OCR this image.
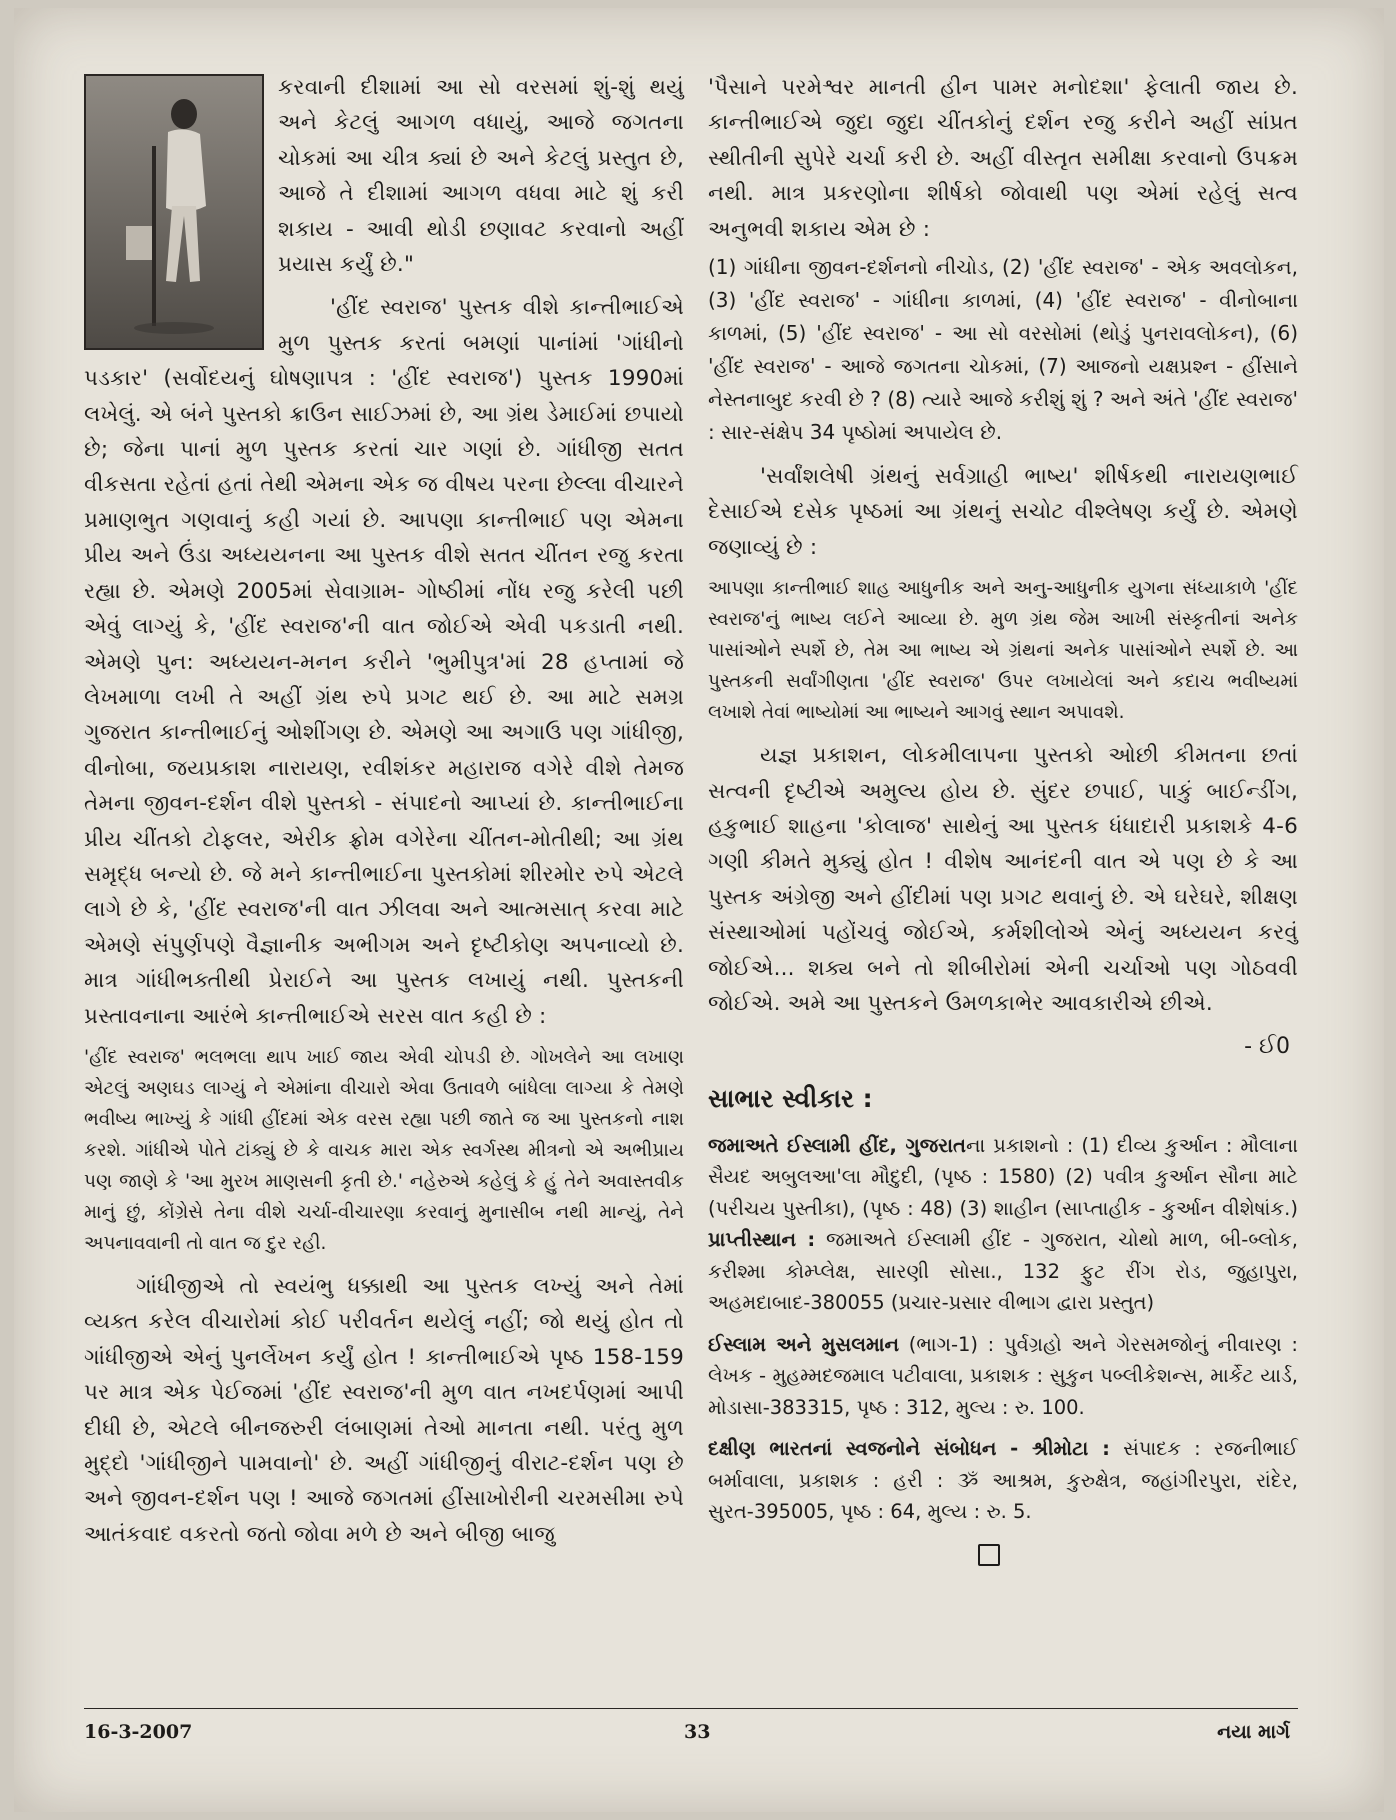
કરવાની દીશામાં આ સો વરસમાં શું-શું થયું અને કેટલું આગળ વધાયું, આજે જગતના ચોકમાં આ ચીત્ર ક્યાં છે અને કેટલું પ્રસ્તુત છે, આજે તે દીશામાં આગળ વધવા માટે શું કરી શકાય - આવી થોડી છણાવટ કરવાનો અહીં પ્રયાસ કર્યું છે."

'હીંદ સ્વરાજ' પુસ્તક વીશે કાન્તીભાઈએ મુળ પુસ્તક કરતાં બમણાં પાનાંમાં 'ગાંધીનો પડકાર' (સર્વોદયનું ઘોષણાપત્ર : 'હીંદ સ્વરાજ') પુસ્તક 1990માં લખેલું. એ બંને પુસ્તકો ક્રાઉન સાઈઝમાં છે, આ ગ્રંથ ડેમાઈમાં છપાયો છે; જેના પાનાં મુળ પુસ્તક કરતાં ચાર ગણાં છે. ગાંધીજી સતત વીકસતા રહેતાં હતાં તેથી એમના એક જ વીષય પરના છેલ્લા વીચારને પ્રમાણભુત ગણવાનું કહી ગયાં છે. આપણા કાન્તીભાઈ પણ એમના પ્રીય અને ઉંડા અધ્યયનના આ પુસ્તક વીશે સતત ચીંતન રજુ કરતા રહ્યા છે. એમણે 2005માં સેવાગ્રામ- ગોષ્ઠીમાં નોંધ રજુ કરેલી પછી એવું લાગ્યું કે, 'હીંદ સ્વરાજ'ની વાત જોઈએ એવી પકડાતી નથી. એમણે પુન: અધ્યયન-મનન કરીને 'ભુમીપુત્ર'માં 28 હપ્તામાં જે લેખમાળા લખી તે અહીં ગ્રંથ રુપે પ્રગટ થઈ છે. આ માટે સમગ્ર ગુજરાત કાન્તીભાઈનું ઓશીંગણ છે. એમણે આ અગાઉ પણ ગાંધીજી, વીનોબા, જયપ્રકાશ નારાયણ, રવીશંકર મહારાજ વગેરે વીશે તેમજ તેમના જીવન-દર્શન વીશે પુસ્તકો - સંપાદનો આપ્યાં છે. કાન્તીભાઈના પ્રીય ચીંતકો ટોફલર, એરીક ફ્રોમ વગેરેના ચીંતન-મોતીથી; આ ગ્રંથ સમૃદ્ધ બન્યો છે. જે મને કાન્તીભાઈના પુસ્તકોમાં શીરમોર રુપે એટલે લાગે છે કે, 'હીંદ સ્વરાજ'ની વાત ઝીલવા અને આત્મસાત્ કરવા માટે એમણે સંપુર્ણપણે વૈજ્ઞાનીક અભીગમ અને દૃષ્ટીકોણ અપનાવ્યો છે. માત્ર ગાંધીભક્તીથી પ્રેરાઈને આ પુસ્તક લખાયું નથી. પુસ્તકની પ્રસ્તાવનાના આરંભે કાન્તીભાઈએ સરસ વાત કહી છે :

'હીંદ સ્વરાજ' ભલભલા થાપ ખાઈ જાય એવી ચોપડી છે. ગોખલેને આ લખાણ એટલું અણઘડ લાગ્યું ને એમાંના વીચારો એવા ઉતાવળે બાંધેલા લાગ્યા કે તેમણે ભવીષ્ય ભાખ્યું કે ગાંધી હીંદમાં એક વરસ રહ્યા પછી જાતે જ આ પુસ્તકનો નાશ કરશે. ગાંધીએ પોતે ટાંક્યું છે કે વાચક મારા એક સ્વર્ગસ્થ મીત્રનો એ અભીપ્રાય પણ જાણે કે 'આ મુરખ માણસની કૃતી છે.' નહેરુએ કહેલું કે હું તેને અવાસ્તવીક માનું છું, કોંગ્રેસે તેના વીશે ચર્ચા-વીચારણા કરવાનું મુનાસીબ નથી માન્યું, તેને અપનાવવાની તો વાત જ દુર રહી.

ગાંધીજીએ તો સ્વયંભુ ધક્કાથી આ પુસ્તક લખ્યું અને તેમાં વ્યક્ત કરેલ વીચારોમાં કોઈ પરીવર્તન થયેલું નહીં; જો થયું હોત તો ગાંધીજીએ એનું પુનર્લેખન કર્યું હોત ! કાન્તીભાઈએ પૃષ્ઠ 158-159 પર માત્ર એક પેઈજમાં 'હીંદ સ્વરાજ'ની મુળ વાત નખદર્પણમાં આપી દીધી છે, એટલે બીનજરુરી લંબાણમાં તેઓ માનતા નથી. પરંતુ મુળ મુદ્દો 'ગાંધીજીને પામવાનો' છે. અહીં ગાંધીજીનું વીરાટ-દર્શન પણ છે અને જીવન-દર્શન પણ ! આજે જગતમાં હીંસાખોરીની ચરમસીમા રુપે આતંકવાદ વકરતો જતો જોવા મળે છે અને બીજી બાજુ

'પૈસાને પરમેશ્વર માનતી હીન પામર મનોદશા' ફેલાતી જાય છે. કાન્તીભાઈએ જુદા જુદા ચીંતકોનું દર્શન રજુ કરીને અહીં સાંપ્રત સ્થીતીની સુપેરે ચર્ચા કરી છે. અહીં વીસ્તૃત સમીક્ષા કરવાનો ઉપક્રમ નથી. માત્ર પ્રકરણોના શીર્ષકો જોવાથી પણ એમાં રહેલું સત્વ અનુભવી શકાય એમ છે :

(1) ગાંધીના જીવન-દર્શનનો નીચોડ, (2) 'હીંદ સ્વરાજ' - એક અવલોકન, (3) 'હીંદ સ્વરાજ' - ગાંધીના કાળમાં, (4) 'હીંદ સ્વરાજ' - વીનોબાના કાળમાં, (5) 'હીંદ સ્વરાજ' - આ સો વરસોમાં (થોડું પુનરાવલોકન), (6) 'હીંદ સ્વરાજ' - આજે જગતના ચોકમાં, (7) આજનો યક્ષપ્રશ્ન - હીંસાને નેસ્તનાબુદ કરવી છે ? (8) ત્યારે આજે કરીશું શું ? અને અંતે 'હીંદ સ્વરાજ' : સાર-સંક્ષેપ 34 પૃષ્ઠોમાં અપાયેલ છે.

'સર્વાંશલેષી ગ્રંથનું સર્વગ્રાહી ભાષ્ય' શીર્ષકથી નારાયણભાઈ દેસાઈએ દસેક પૃષ્ઠમાં આ ગ્રંથનું સચોટ વીશ્લેષણ કર્યું છે. એમણે જણાવ્યું છે :

આપણા કાન્તીભાઈ શાહ આધુનીક અને અનુ-આધુનીક યુગના સંધ્યાકાળે 'હીંદ સ્વરાજ'નું ભાષ્ય લઈને આવ્યા છે. મુળ ગ્રંથ જેમ આખી સંસ્કૃતીનાં અનેક પાસાંઓને સ્પર્શે છે, તેમ આ ભાષ્ય એ ગ્રંથનાં અનેક પાસાંઓને સ્પર્શે છે. આ પુસ્તકની સર્વાંગીણતા 'હીંદ સ્વરાજ' ઉપર લખાયેલાં અને કદાચ ભવીષ્યમાં લખાશે તેવાં ભાષ્યોમાં આ ભાષ્યને આગવું સ્થાન અપાવશે.

યજ્ઞ પ્રકાશન, લોકમીલાપના પુસ્તકો ઓછી કીમતના છતાં સત્વની દૃષ્ટીએ અમુલ્ય હોય છે. સુંદર છપાઈ, પાકું બાઈન્ડીંગ, હકુભાઈ શાહના 'કોલાજ' સાથેનું આ પુસ્તક ધંધાદારી પ્રકાશકે 4-6 ગણી કીમતે મુક્યું હોત ! વીશેષ આનંદની વાત એ પણ છે કે આ પુસ્તક અંગ્રેજી અને હીંદીમાં પણ પ્રગટ થવાનું છે. એ ઘરેઘરે, શીક્ષણ સંસ્થાઓમાં પહોંચવું જોઈએ, કર્મશીલોએ એનું અધ્યયન કરવું જોઈએ... શક્ય બને તો શીબીરોમાં એની ચર્ચાઓ પણ ગોઠવવી જોઈએ. અમે આ પુસ્તકને ઉમળકાભેર આવકારીએ છીએ.

- ઈ0
સાભાર સ્વીકાર :

જમાઅતે ઈસ્લામી હીંદ, ગુજરાતના પ્રકાશનો : (1) દીવ્ય કુર્આન : મૌલાના સૈયદ અબુલઆ'લા મૌદુદી, (પૃષ્ઠ : 1580) (2) પવીત્ર કુર્આન સૌના માટે (પરીચય પુસ્તીકા), (પૃષ્ઠ : 48) (3) શાહીન (સાપ્તાહીક - કુર્આન વીશેષાંક.) પ્રાપ્તીસ્થાન : જમાઅતે ઈસ્લામી હીંદ - ગુજરાત, ચોથો માળ, બી-બ્લોક, કરીશ્મા કોમ્પ્લેક્ષ, સારણી સોસા., 132 ફુટ રીંગ રોડ, જુહાપુરા, અહમદાબાદ-380055 (પ્રચાર-પ્રસાર વીભાગ દ્વારા પ્રસ્તુત)

ઈસ્લામ અને મુસલમાન (ભાગ-1) : પુર્વગ્રહો અને ગેરસમજોનું નીવારણ : લેખક - મુહમ્મદજમાલ પટીવાલા, પ્રકાશક : સુકુન પબ્લીકેશન્સ, માર્કેટ યાર્ડ, મોડાસા-383315, પૃષ્ઠ : 312, મુલ્ય : રુ. 100.

દક્ષીણ ભારતનાં સ્વજનોને સંબોધન - શ્રીમોટા : સંપાદક : રજનીભાઈ બર્માવાલા, પ્રકાશક : હરી : ૐ આશ્રમ, કુરુક્ષેત્ર, જહાંગીરપુરા, રાંદેર, સુરત-395005, પૃષ્ઠ : 64, મુલ્ય : રુ. 5.

16-3-2007	33	નયા માર્ગ
